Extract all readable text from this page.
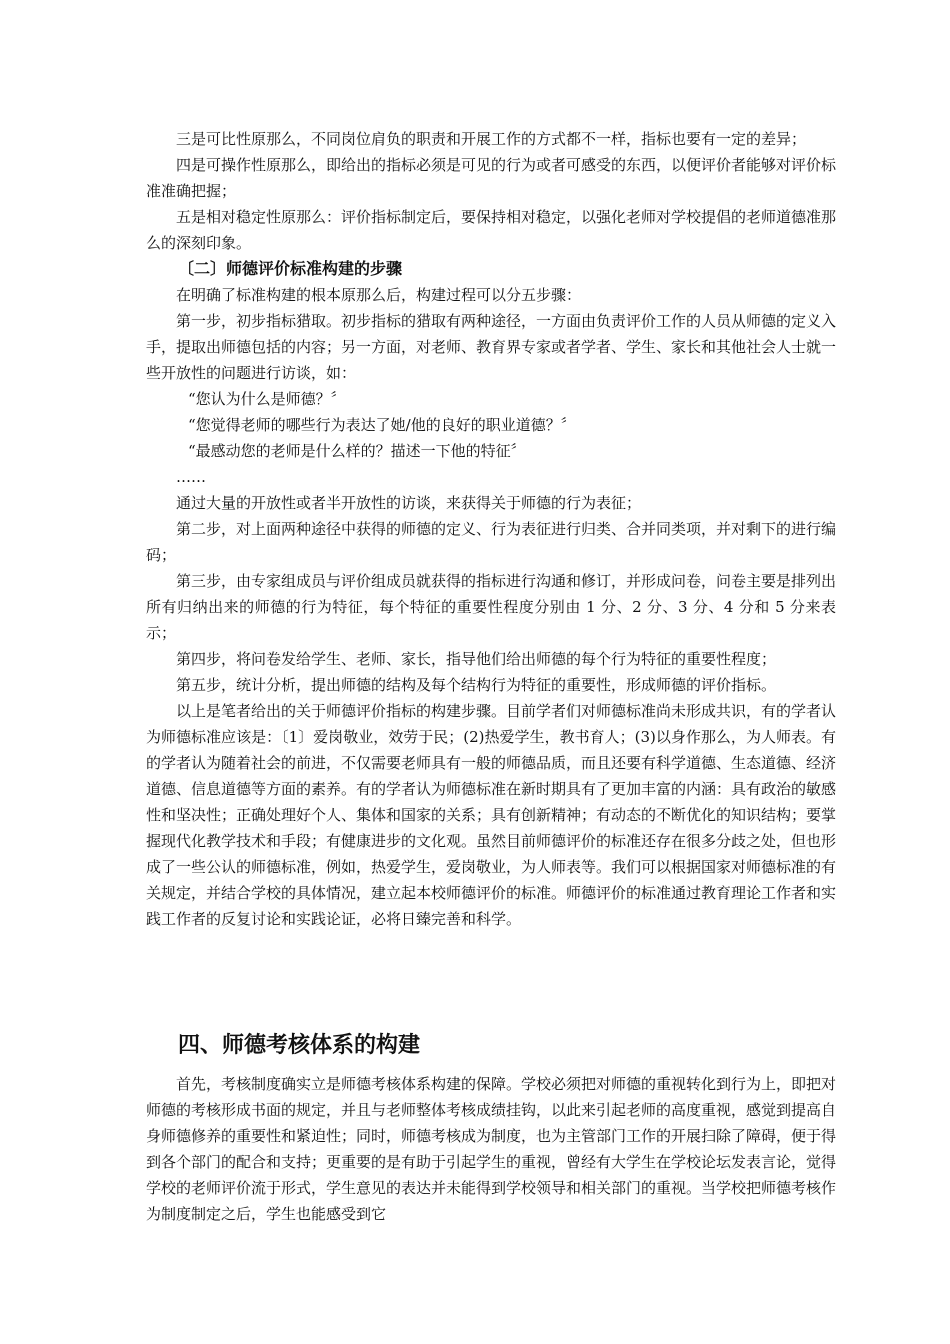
三是可比性原那么，不同岗位肩负的职责和开展工作的方式都不一样，指标也要有一定的差异；

四是可操作性原那么，即给出的指标必须是可见的行为或者可感受的东西，以便评价者能够对评价标准准确把握；

五是相对稳定性原那么：评价指标制定后，要保持相对稳定，以强化老师对学校提倡的老师道德准那么的深刻印象。

〔二〕师德评价标准构建的步骤

在明确了标准构建的根本原那么后，构建过程可以分五步骤：

第一步，初步指标猎取。初步指标的猎取有两种途径，一方面由负责评价工作的人员从师德的定义入手，提取出师德包括的内容；另一方面，对老师、教育界专家或者学者、学生、家长和其他社会人士就一些开放性的问题进行访谈，如：

“您认为什么是师德？〞

“您觉得老师的哪些行为表达了她/他的良好的职业道德？〞

“最感动您的老师是什么样的？描述一下他的特征〞

……

通过大量的开放性或者半开放性的访谈，来获得关于师德的行为表征；

第二步，对上面两种途径中获得的师德的定义、行为表征进行归类、合并同类项，并对剩下的进行编码；

第三步，由专家组成员与评价组成员就获得的指标进行沟通和修订，并形成问卷，问卷主要是排列出所有归纳出来的师德的行为特征，每个特征的重要性程度分别由 1 分、2 分、3 分、4 分和 5 分来表示；

第四步，将问卷发给学生、老师、家长，指导他们给出师德的每个行为特征的重要性程度；

第五步，统计分析，提出师德的结构及每个结构行为特征的重要性，形成师德的评价指标。

以上是笔者给出的关于师德评价指标的构建步骤。目前学者们对师德标准尚未形成共识，有的学者认为师德标准应该是：〔1〕爱岗敬业，效劳于民；(2)热爱学生，教书育人；(3)以身作那么，为人师表。有的学者认为随着社会的前进，不仅需要老师具有一般的师德品质，而且还要有科学道德、生态道德、经济道德、信息道德等方面的素养。有的学者认为师德标准在新时期具有了更加丰富的内涵：具有政治的敏感性和坚决性；正确处理好个人、集体和国家的关系；具有创新精神；有动态的不断优化的知识结构；要掌握现代化教学技术和手段；有健康进步的文化观。虽然目前师德评价的标准还存在很多分歧之处，但也形成了一些公认的师德标准，例如，热爱学生，爱岗敬业，为人师表等。我们可以根据国家对师德标准的有关规定，并结合学校的具体情况，建立起本校师德评价的标准。师德评价的标准通过教育理论工作者和实践工作者的反复讨论和实践论证，必将日臻完善和科学。

四、师德考核体系的构建

首先，考核制度确实立是师德考核体系构建的保障。学校必须把对师德的重视转化到行为上，即把对师德的考核形成书面的规定，并且与老师整体考核成绩挂钩，以此来引起老师的高度重视，感觉到提高自身师德修养的重要性和紧迫性；同时，师德考核成为制度，也为主管部门工作的开展扫除了障碍，便于得到各个部门的配合和支持；更重要的是有助于引起学生的重视，曾经有大学生在学校论坛发表言论，觉得学校的老师评价流于形式，学生意见的表达并未能得到学校领导和相关部门的重视。当学校把师德考核作为制度制定之后，学生也能感受到它
